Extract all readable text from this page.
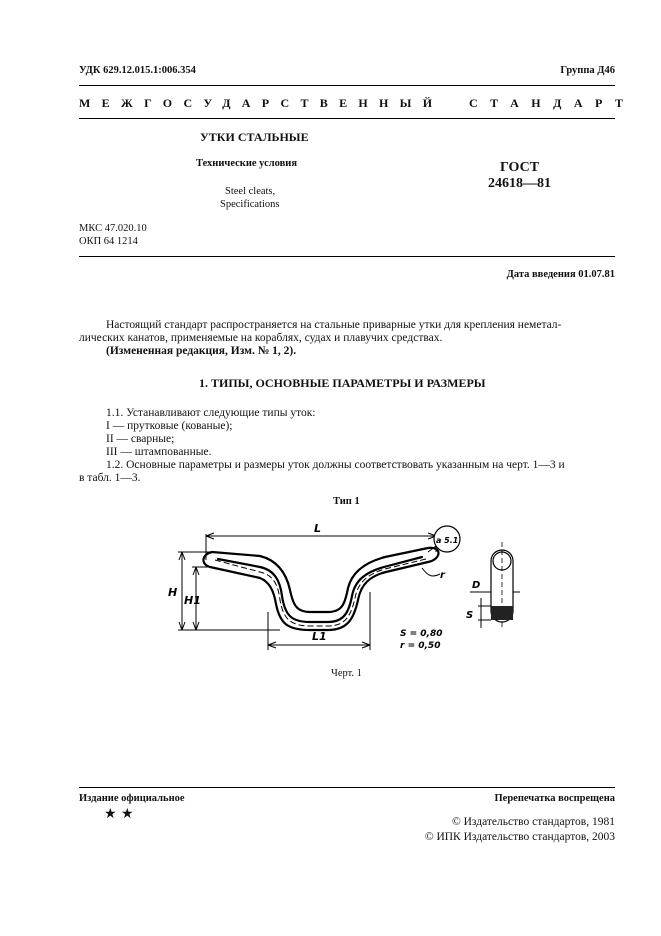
УДК 629.12.015.1:006.354	Группа Д46
МЕЖГОСУДАРСТВЕННЫЙ СТАНДАРТ
УТКИ СТАЛЬНЫЕ
Технические условия
Steel cleats,
Specifications
ГОСТ
24618—81
МКС 47.020.10
ОКП 64 1214
Дата введения 01.07.81
Настоящий стандарт распространяется на стальные приварные утки для крепления неметал-
лических канатов, применяемые на кораблях, судах и плавучих средствах.
(Измененная редакция, Изм. № 1, 2).
1. ТИПЫ, ОСНОВНЫЕ ПАРАМЕТРЫ И РАЗМЕРЫ
1.1. Устанавливают следующие типы уток:
I — прутковые (кованые);
II — сварные;
III — штампованные.
1.2. Основные параметры и размеры уток должны соответствовать указанным на черт. 1—3 и
в табл. 1—3.
Тип 1
L
H
H1
L1
a 5.1
r
S = 0,80
r = 0,50
D
S
Черт. 1
Издание официальное	Перепечатка воспрещена
★ ★	© Издательство стандартов, 1981
© ИПК Издательство стандартов, 2003
